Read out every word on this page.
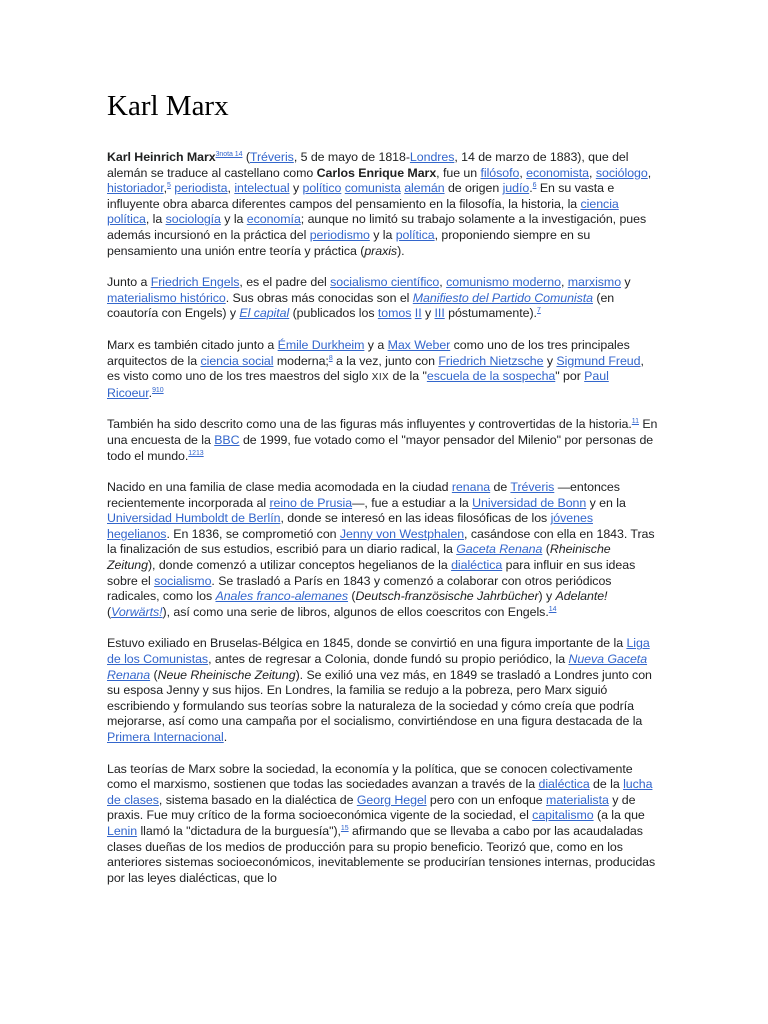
Karl Marx

Karl Heinrich Marx$^{3nota 14}$ (Tréveris, 5 de mayo de 1818-Londres, 14 de marzo de 1883), que del alemán se traduce al castellano como Carlos Enrique Marx, fue un filósofo, economista, sociólogo, historiador,$^5$ periodista, intelectual y político comunista alemán de origen judío.$^6$ En su vasta e influyente obra abarca diferentes campos del pensamiento en la filosofía, la historia, la ciencia política, la sociología y la economía; aunque no limitó su trabajo solamente a la investigación, pues además incursionó en la práctica del periodismo y la política, proponiendo siempre en su pensamiento una unión entre teoría y práctica (praxis).

Junto a Friedrich Engels, es el padre del socialismo científico, comunismo moderno, marxismo y materialismo histórico. Sus obras más conocidas son el Manifiesto del Partido Comunista (en coautoría con Engels) y El capital (publicados los tomos II y III póstumamente).$^7$

Marx es también citado junto a Émile Durkheim y a Max Weber como uno de los tres principales arquitectos de la ciencia social moderna;$^8$ a la vez, junto con Friedrich Nietzsche y Sigmund Freud, es visto como uno de los tres maestros del siglo XIX de la "escuela de la sospecha" por Paul Ricoeur.$^{910}$

También ha sido descrito como una de las figuras más influyentes y controvertidas de la historia.$^{11}$ En una encuesta de la BBC de 1999, fue votado como el "mayor pensador del Milenio" por personas de todo el mundo.$^{1213}$

Nacido en una familia de clase media acomodada en la ciudad renana de Tréveris —entonces recientemente incorporada al reino de Prusia—, fue a estudiar a la Universidad de Bonn y en la Universidad Humboldt de Berlín, donde se interesó en las ideas filosóficas de los jóvenes hegelianos. En 1836, se comprometió con Jenny von Westphalen, casándose con ella en 1843. Tras la finalización de sus estudios, escribió para un diario radical, la Gaceta Renana (Rheinische Zeitung), donde comenzó a utilizar conceptos hegelianos de la dialéctica para influir en sus ideas sobre el socialismo. Se trasladó a París en 1843 y comenzó a colaborar con otros periódicos radicales, como los Anales franco-alemanes (Deutsch-französische Jahrbücher) y Adelante! (Vorwärts!), así como una serie de libros, algunos de ellos coescritos con Engels.$^{14}$

Estuvo exiliado en Bruselas-Bélgica en 1845, donde se convirtió en una figura importante de la Liga de los Comunistas, antes de regresar a Colonia, donde fundó su propio periódico, la Nueva Gaceta Renana (Neue Rheinische Zeitung). Se exilió una vez más, en 1849 se trasladó a Londres junto con su esposa Jenny y sus hijos. En Londres, la familia se redujo a la pobreza, pero Marx siguió escribiendo y formulando sus teorías sobre la naturaleza de la sociedad y cómo creía que podría mejorarse, así como una campaña por el socialismo, convirtiéndose en una figura destacada de la Primera Internacional.

Las teorías de Marx sobre la sociedad, la economía y la política, que se conocen colectivamente como el marxismo, sostienen que todas las sociedades avanzan a través de la dialéctica de la lucha de clases, sistema basado en la dialéctica de Georg Hegel pero con un enfoque materialista y de praxis. Fue muy crítico de la forma socioeconómica vigente de la sociedad, el capitalismo (a la que Lenin llamó la "dictadura de la burguesía"),$^{15}$ afirmando que se llevaba a cabo por las acaudaladas clases dueñas de los medios de producción para su propio beneficio. Teorizó que, como en los anteriores sistemas socioeconómicos, inevitablemente se producirían tensiones internas, producidas por las leyes dialécticas, que lo
